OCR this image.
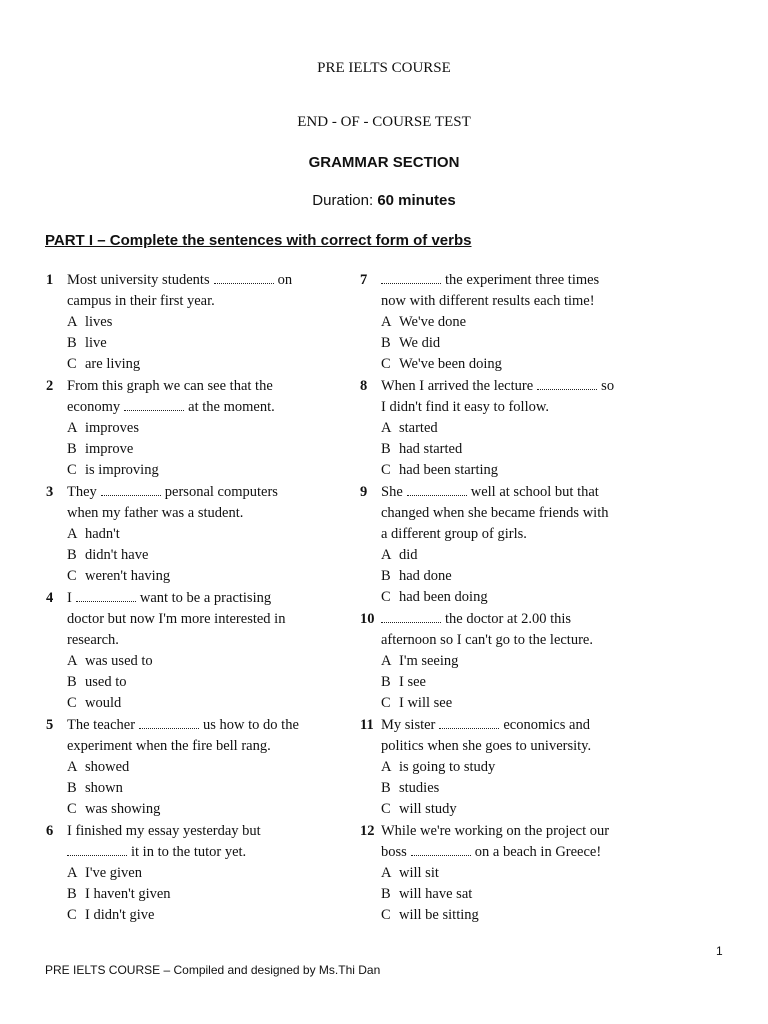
PRE IELTS COURSE
END - OF - COURSE TEST
GRAMMAR SECTION
Duration: 60 minutes
PART I – Complete the sentences with correct form of verbs
1 Most university students	on
campus in their first year.
A lives
B live
C are living
2 From this graph we can see that the
economy	at the moment.
A improves
B improve
C is improving
3 They	personal computers
when my father was a student.
A hadn't
B didn't have
C weren't having
4 I	want to be a practising
doctor but now I'm more interested in
research.
A was used to
B used to
C would
5 The teacher	us how to do the
experiment when the fire bell rang.
A showed
B shown
C was showing
6 I finished my essay yesterday but
it in to the tutor yet.
A I've given
B I haven't given
C I didn't give
7	the experiment three times
now with different results each time!
A We've done
B We did
C We've been doing
8 When I arrived the lecture	so
I didn't find it easy to follow.
A started
B had started
C had been starting
9 She	well at school but that
changed when she became friends with
a different group of girls.
A did
B had done
C had been doing
10	the doctor at 2.00 this
afternoon so I can't go to the lecture.
A I'm seeing
B I see
C I will see
11 My sister	economics and
politics when she goes to university.
A is going to study
B studies
C will study
12 While we're working on the project our
boss	on a beach in Greece!
A will sit
B will have sat
C will be sitting
1
PRE IELTS COURSE – Compiled and designed by Ms.Thi Dan
